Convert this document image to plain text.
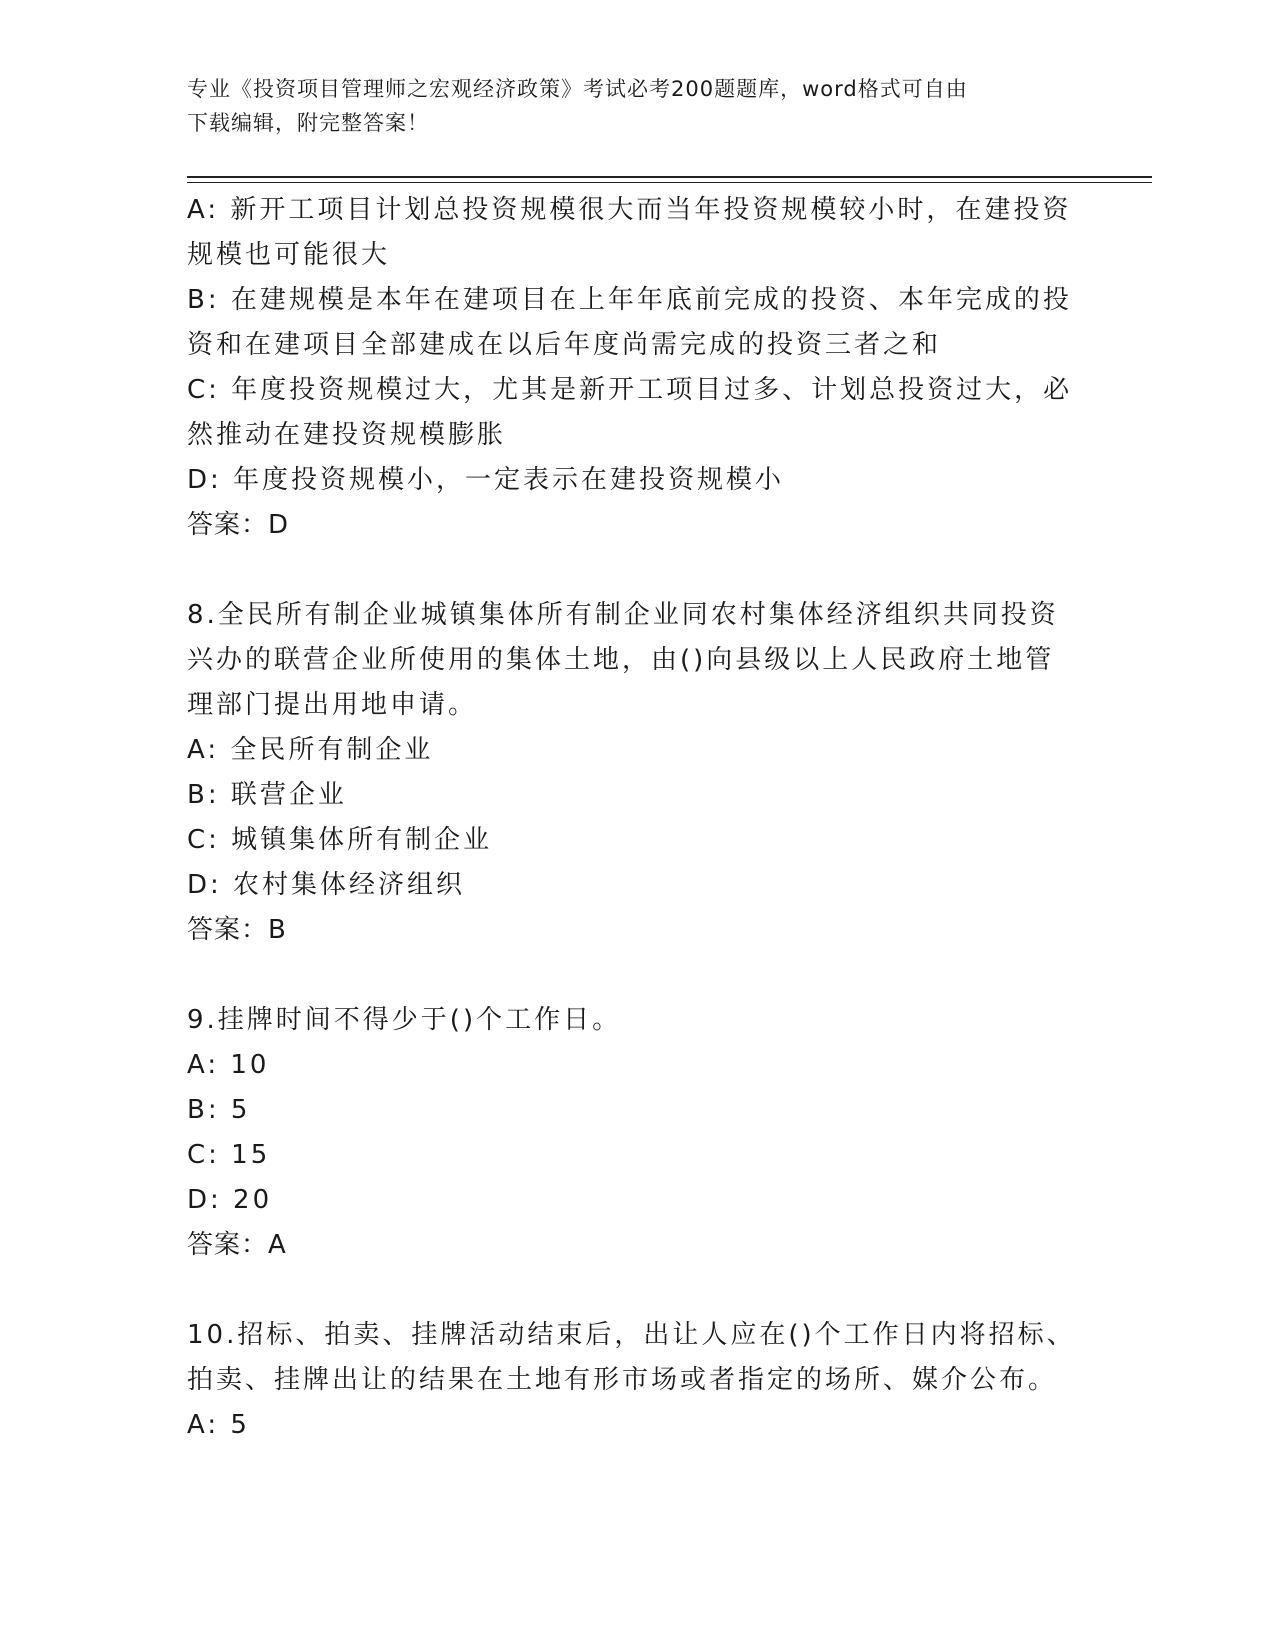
专业《投资项目管理师之宏观经济政策》考试必考200题题库，word格式可自由
下载编辑，附完整答案！
A: 新开工项目计划总投资规模很大而当年投资规模较小时，在建投资
规模也可能很大
B: 在建规模是本年在建项目在上年年底前完成的投资、本年完成的投
资和在建项目全部建成在以后年度尚需完成的投资三者之和
C: 年度投资规模过大，尤其是新开工项目过多、计划总投资过大，必
然推动在建投资规模膨胀
D: 年度投资规模小，一定表示在建投资规模小
答案：D
8.全民所有制企业城镇集体所有制企业同农村集体经济组织共同投资
兴办的联营企业所使用的集体土地，由()向县级以上人民政府土地管
理部门提出用地申请。
A: 全民所有制企业
B: 联营企业
C: 城镇集体所有制企业
D: 农村集体经济组织
答案：B
9.挂牌时间不得少于()个工作日。
A: 10
B: 5
C: 15
D: 20
答案：A
10.招标、拍卖、挂牌活动结束后，出让人应在()个工作日内将招标、
拍卖、挂牌出让的结果在土地有形市场或者指定的场所、媒介公布。
A: 5
